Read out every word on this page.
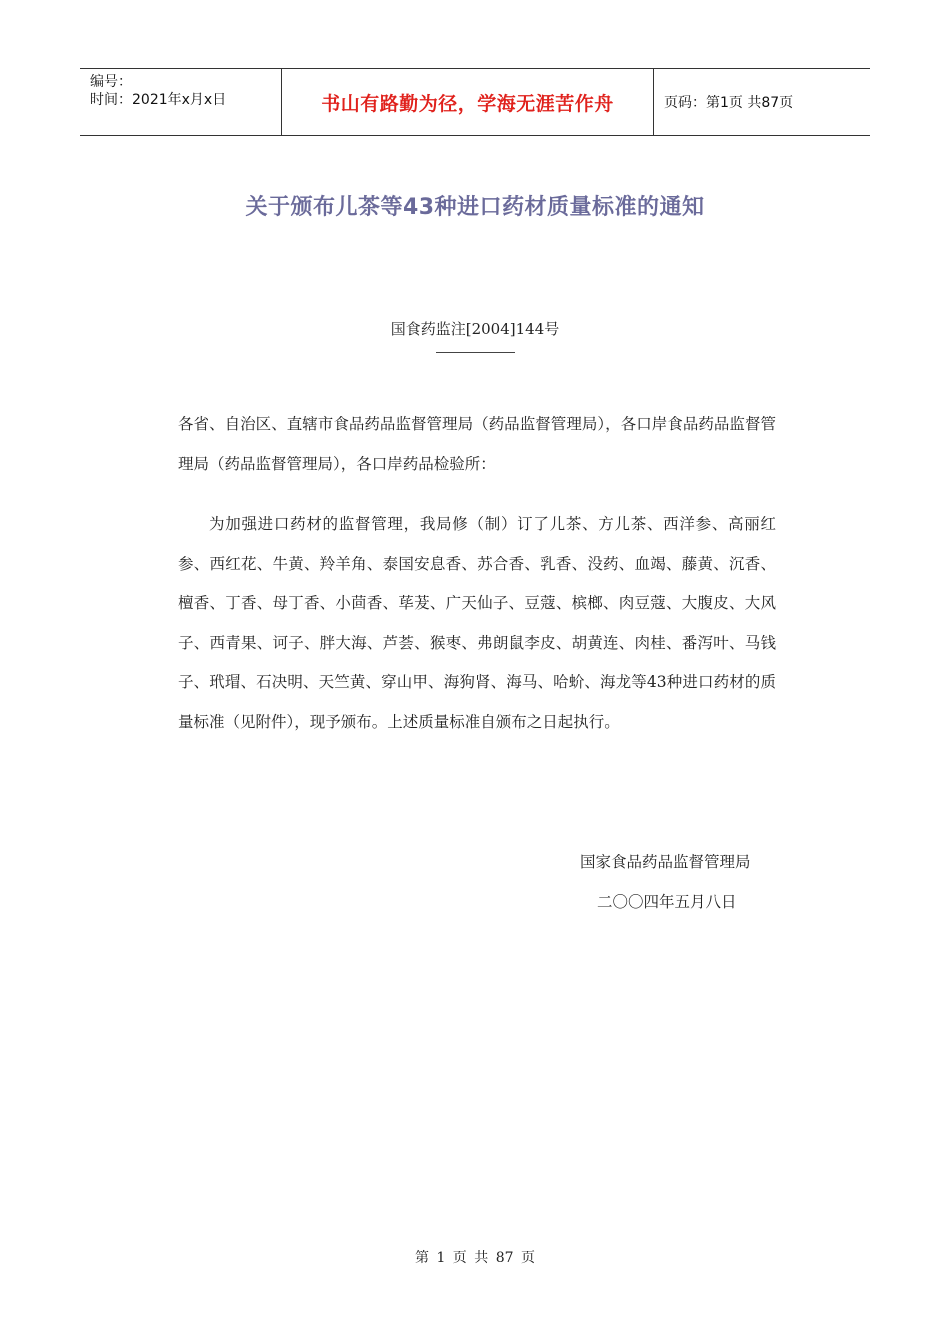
编号：
时间：2021年x月x日	书山有路勤为径，学海无涯苦作舟	页码：第1页 共87页
关于颁布儿茶等43种进口药材质量标准的通知
国食药监注[2004]144号
各省、自治区、直辖市食品药品监督管理局（药品监督管理局），各口岸食品药品监督管理局（药品监督管理局），各口岸药品检验所：
为加强进口药材的监督管理，我局修（制）订了儿茶、方儿茶、西洋参、高丽红参、西红花、牛黄、羚羊角、泰国安息香、苏合香、乳香、没药、血竭、藤黄、沉香、檀香、丁香、母丁香、小茴香、荜茇、广天仙子、豆蔻、槟榔、肉豆蔻、大腹皮、大风子、西青果、诃子、胖大海、芦荟、猴枣、弗朗鼠李皮、胡黄连、肉桂、番泻叶、马钱子、玳瑁、石决明、天竺黄、穿山甲、海狗肾、海马、哈蚧、海龙等43种进口药材的质量标准（见附件），现予颁布。上述质量标准自颁布之日起执行。
国家食品药品监督管理局
二〇〇四年五月八日
第 1 页 共 87 页
